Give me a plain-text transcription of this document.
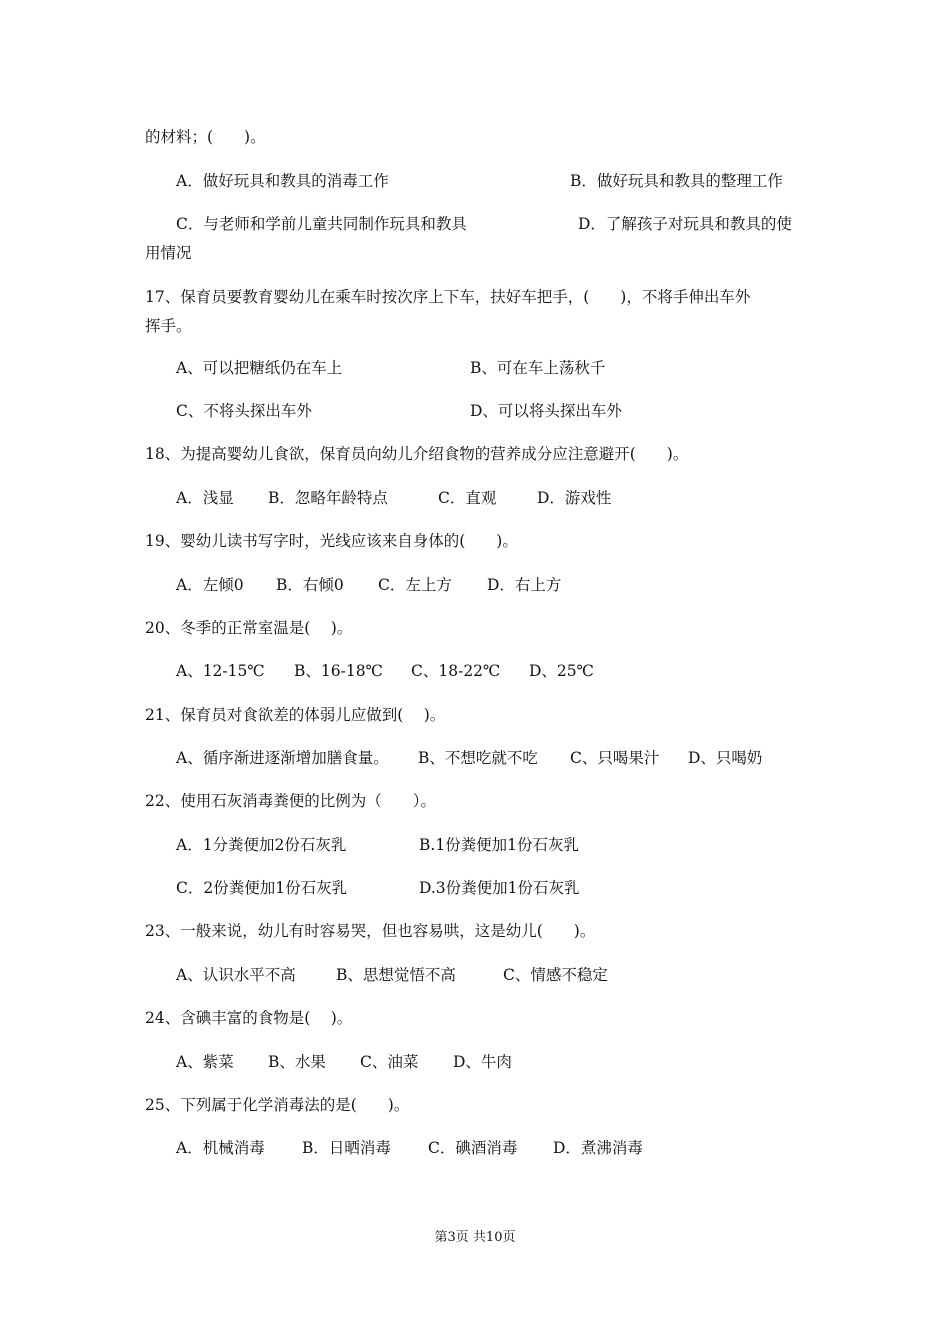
的材料；(　　)。
A．做好玩具和教具的消毒工作	B．做好玩具和教具的整理工作
C．与老师和学前儿童共同制作玩具和教具	D．了解孩子对玩具和教具的使
用情况
17、保育员要教育婴幼儿在乘车时按次序上下车，扶好车把手，(　　)，不将手伸出车外
挥手。
A、可以把糖纸仍在车上	B、可在车上荡秋千
C、不将头探出车外	D、可以将头探出车外
18、为提高婴幼儿食欲，保育员向幼儿介绍食物的营养成分应注意避开(　　)。
A．浅显 B．忽略年龄特点	C．直观	D．游戏性
19、婴幼儿读书写字时，光线应该来自身体的(　　)。
A．左倾0 B．右倾0 C．左上方 D．右上方
20、冬季的正常室温是(　 )。
A、12-15℃ B、16-18℃ C、18-22℃ D、25℃
21、保育员对食欲差的体弱儿应做到(　 )。
A、循序渐进逐渐增加膳食量。 B、不想吃就不吃 C、只喝果汁 D、只喝奶
22、使用石灰消毒粪便的比例为（　　）。
A．1分粪便加2份石灰乳	B.1份粪便加1份石灰乳
C．2份粪便加1份石灰乳	D.3份粪便加1份石灰乳
23、一般来说，幼儿有时容易哭，但也容易哄，这是幼儿(　　)。
A、认识水平不高	B、思想觉悟不高	C、情感不稳定
24、含碘丰富的食物是(　 )。
A、紫菜 B、水果 C、油菜 D、牛肉
25、下列属于化学消毒法的是(　　)。
A．机械消毒 B．日晒消毒 C．碘酒消毒 D．煮沸消毒
第3页 共10页
